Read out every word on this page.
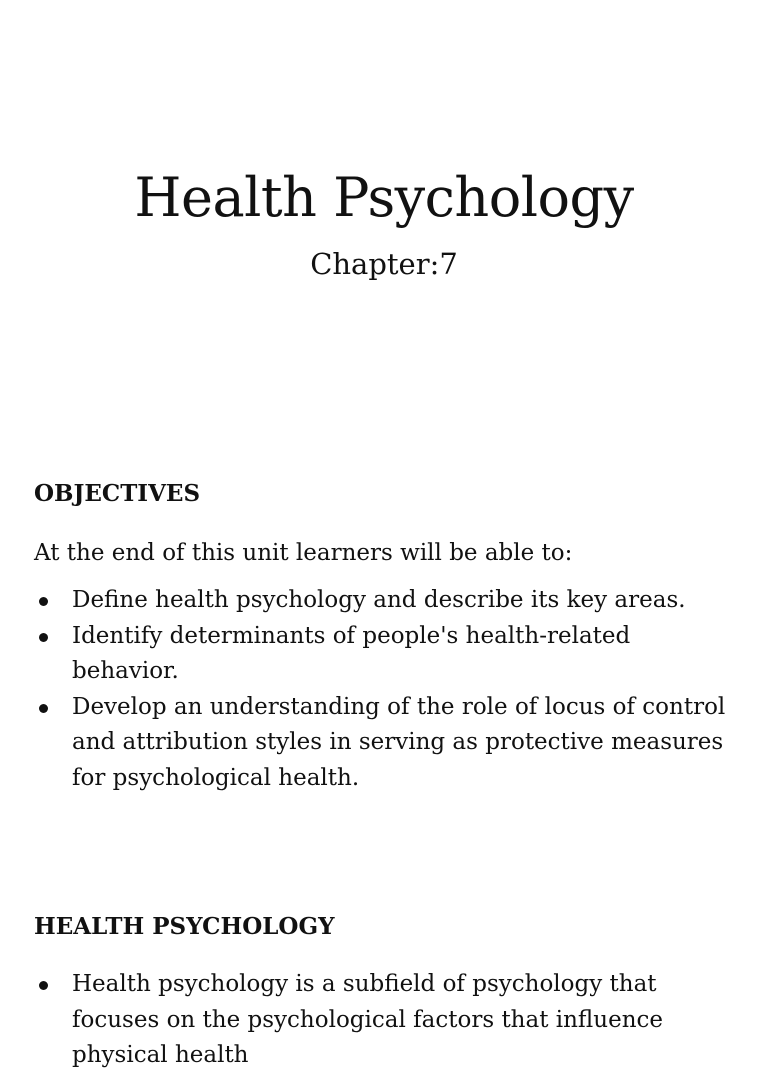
Health Psychology
Chapter:7
OBJECTIVES

At the end of this unit learners will be able to:

Define health psychology and describe its key areas.
Identify determinants of people's health-related behavior.
Develop an understanding of the role of locus of control and attribution styles in serving as protective measures for psychological health.
HEALTH PSYCHOLOGY
Health psychology is a subfield of psychology that focuses on the psychological factors that influence physical health
